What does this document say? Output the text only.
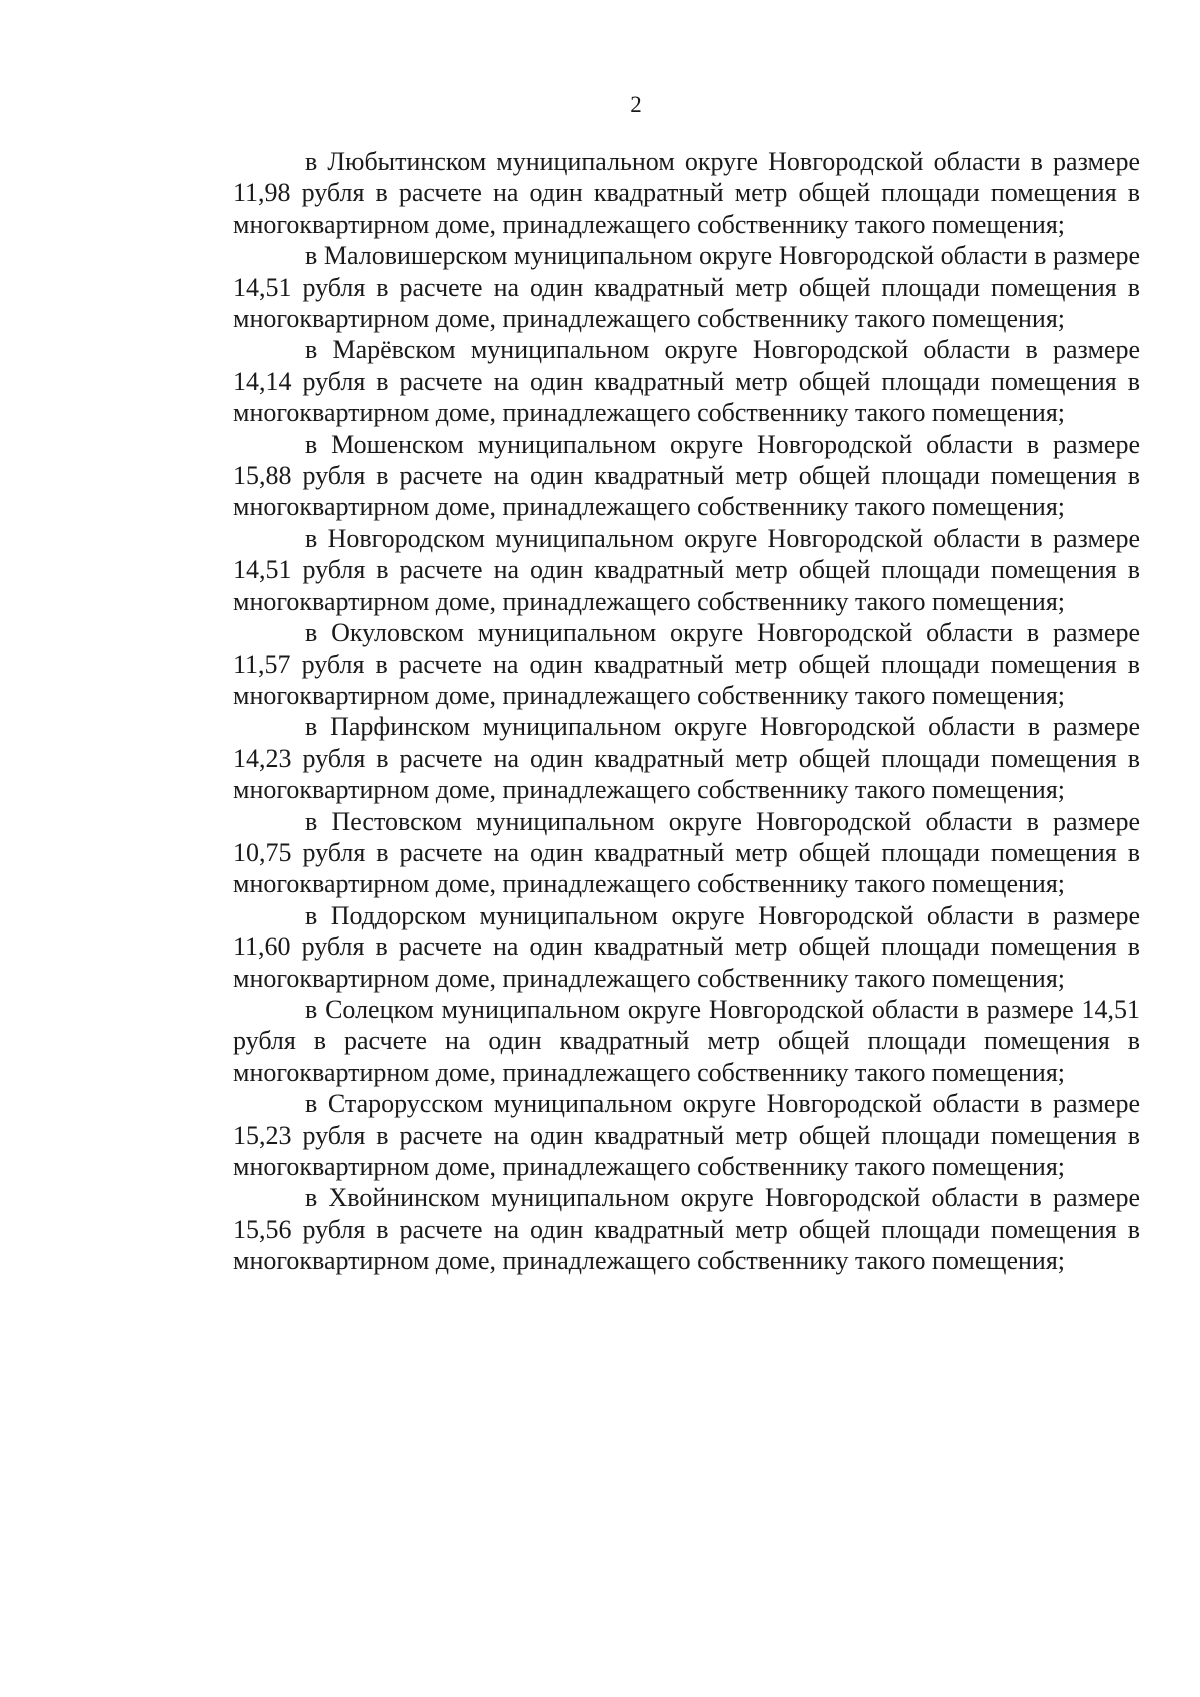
2

в Любытинском муниципальном округе Новгородской области в размере 11,98 рубля в расчете на один квадратный метр общей площади помещения в многоквартирном доме, принадлежащего собственнику такого помещения;

в Маловишерском муниципальном округе Новгородской области в размере 14,51 рубля в расчете на один квадратный метр общей площади помещения в многоквартирном доме, принадлежащего собственнику такого помещения;

в Марёвском муниципальном округе Новгородской области в размере 14,14 рубля в расчете на один квадратный метр общей площади помещения в многоквартирном доме, принадлежащего собственнику такого помещения;

в Мошенском муниципальном округе Новгородской области в размере 15,88 рубля в расчете на один квадратный метр общей площади помещения в многоквартирном доме, принадлежащего собственнику такого помещения;

в Новгородском муниципальном округе Новгородской области в размере 14,51 рубля в расчете на один квадратный метр общей площади помещения в многоквартирном доме, принадлежащего собственнику такого помещения;

в Окуловском муниципальном округе Новгородской области в размере 11,57 рубля в расчете на один квадратный метр общей площади помещения в многоквартирном доме, принадлежащего собственнику такого помещения;

в Парфинском муниципальном округе Новгородской области в размере 14,23 рубля в расчете на один квадратный метр общей площади помещения в многоквартирном доме, принадлежащего собственнику такого помещения;

в Пестовском муниципальном округе Новгородской области в размере 10,75 рубля в расчете на один квадратный метр общей площади помещения в многоквартирном доме, принадлежащего собственнику такого помещения;

в Поддорском муниципальном округе Новгородской области в размере 11,60 рубля в расчете на один квадратный метр общей площади помещения в многоквартирном доме, принадлежащего собственнику такого помещения;

в Солецком муниципальном округе Новгородской области в размере 14,51 рубля в расчете на один квадратный метр общей площади помещения в многоквартирном доме, принадлежащего собственнику такого помещения;

в Старорусском муниципальном округе Новгородской области в размере 15,23 рубля в расчете на один квадратный метр общей площади помещения в многоквартирном доме, принадлежащего собственнику такого помещения;

в Хвойнинском муниципальном округе Новгородской области в размере 15,56 рубля в расчете на один квадратный метр общей площади помещения в многоквартирном доме, принадлежащего собственнику такого помещения;
